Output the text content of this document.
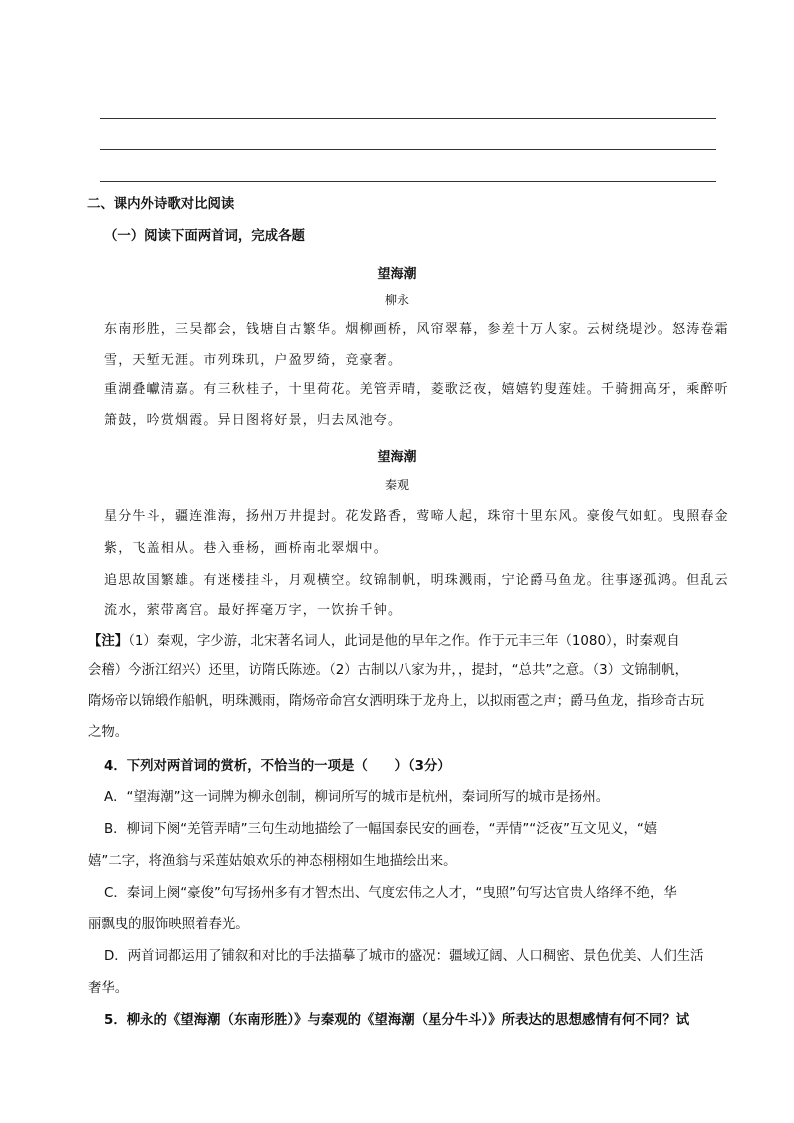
二、课内外诗歌对比阅读
（一）阅读下面两首词，完成各题
望海潮
柳永
东南形胜，三吴都会，钱塘自古繁华。烟柳画桥，风帘翠幕，参差十万人家。云树绕堤沙。怒涛卷霜
雪，天堑无涯。市列珠玑，户盈罗绮，竞豪奢。
重湖叠巘清嘉。有三秋桂子，十里荷花。羌管弄晴，菱歌泛夜，嬉嬉钓叟莲娃。千骑拥高牙，乘醉听
箫鼓，吟赏烟霞。异日图将好景，归去凤池夸。
望海潮
秦观
星分牛斗，疆连淮海，扬州万井提封。花发路香，莺啼人起，珠帘十里东风。豪俊气如虹。曳照春金
紫，飞盖相从。巷入垂杨，画桥南北翠烟中。
追思故国繁雄。有迷楼挂斗，月观横空。纹锦制帆，明珠溅雨，宁论爵马鱼龙。往事逐孤鸿。但乱云
流水，萦带离宫。最好挥毫万字，一饮拚千钟。
【注】（1）秦观，字少游，北宋著名词人，此词是他的早年之作。作于元丰三年（1080），时秦观自
会稽）今浙江绍兴）还里，访隋氏陈迹。（2）古制以八家为井，，提封，“总共”之意。（3）文锦制帆，
隋炀帝以锦缎作船帆，明珠溅雨，隋炀帝命宫女洒明珠于龙舟上，以拟雨雹之声；爵马鱼龙，指珍奇古玩
之物。
4．下列对两首词的赏析，不恰当的一项是（　　）（3分）
A．“望海潮”这一词牌为柳永创制，柳词所写的城市是杭州，秦词所写的城市是扬州。
B．柳词下阕“羌管弄晴”三句生动地描绘了一幅国泰民安的画卷，“弄情”“泛夜”互文见义，“嬉
嬉”二字，将渔翁与采莲姑娘欢乐的神态栩栩如生地描绘出来。
C．秦词上阕“豪俊”句写扬州多有才智杰出、气度宏伟之人才，“曳照”句写达官贵人络绎不绝，华
丽飘曳的服饰映照着春光。
D．两首词都运用了铺叙和对比的手法描摹了城市的盛况：疆域辽阔、人口稠密、景色优美、人们生活
奢华。
5．柳永的《望海潮（东南形胜）》与秦观的《望海潮（星分牛斗）》所表达的思想感情有何不同？试
